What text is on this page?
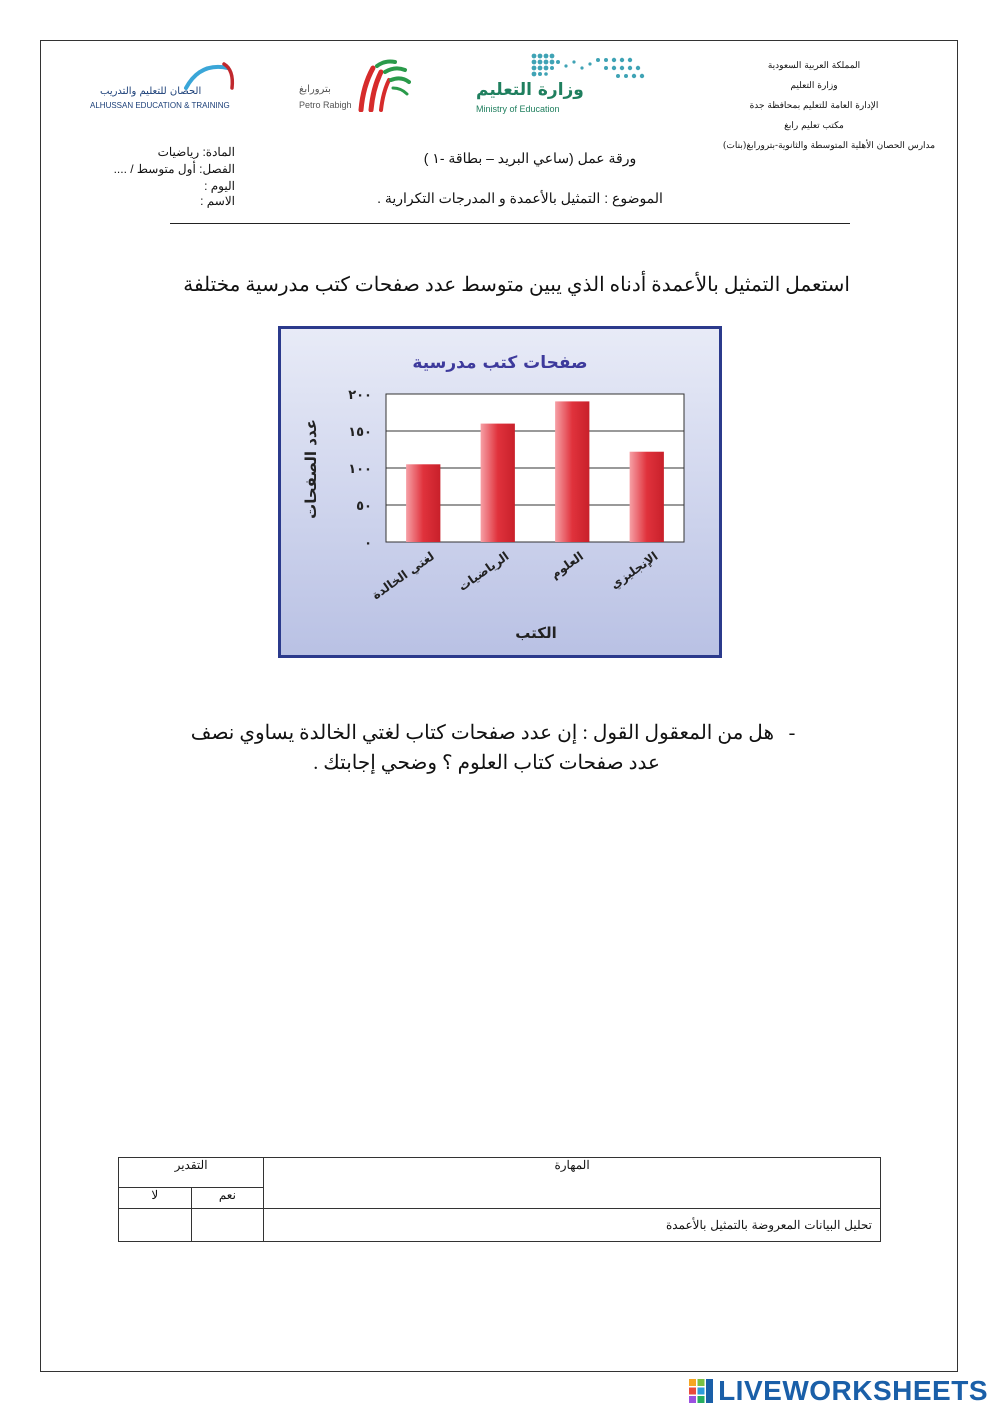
المملكة العربية السعودية
وزارة التعليم
الإدارة العامة للتعليم بمحافظة جدة
مكتب تعليم رابغ
مدارس الحصان الأهلية المتوسطة والثانوية-بترورابغ(بنات)
وزارة التعليم
Ministry of Education
بترورابغ
Petro Rabigh
الحصان للتعليم والتدريب
ALHUSSAN EDUCATION & TRAINING
المادة: رياضيات
الفصل: أول متوسط / ....
اليوم :
الاسم :
ورقة عمل (ساعي البريد – بطاقة -١ )
الموضوع : التمثيل بالأعمدة و المدرجات التكرارية .
استعمل التمثيل بالأعمدة أدناه الذي يبين متوسط عدد صفحات كتب مدرسية مختلفة
٠
٥٠
١٠٠
١٥٠
٢٠٠
لغتي الخالدة الرياضيات	العلوم الإنجليزي
صفحات كتب مدرسية
عدد الصفحات
الكتب
-هل من المعقول القول : إن عدد صفحات كتاب لغتي الخالدة يساوي نصف
عدد صفحات كتاب العلوم ؟ وضحي إجابتك .
المهارة	التقدير	
	نعم	لا
تحليل البيانات المعروضة بالتمثيل بالأعمدة		
LIVEWORKSHEETS
